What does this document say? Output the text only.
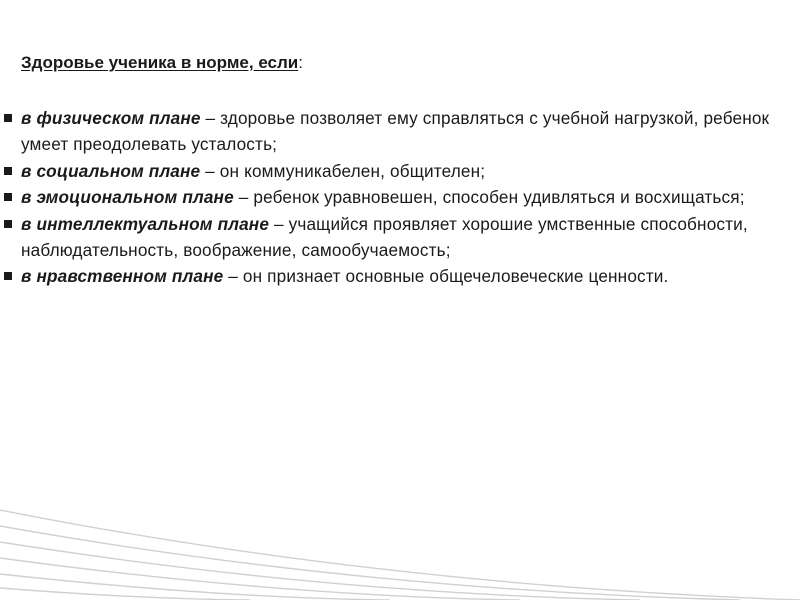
Здоровье ученика в норме, если:
в физическом плане – здоровье позволяет ему справляться с учебной нагрузкой, ребенок умеет преодолевать усталость;
в социальном плане – он коммуникабелен, общителен;
в эмоциональном плане – ребенок уравновешен, способен удивляться и восхищаться;
в интеллектуальном плане – учащийся проявляет хорошие умственные способности, наблюдательность, воображение, самообучаемость;
в нравственном плане – он признает основные общечеловеческие ценности.
